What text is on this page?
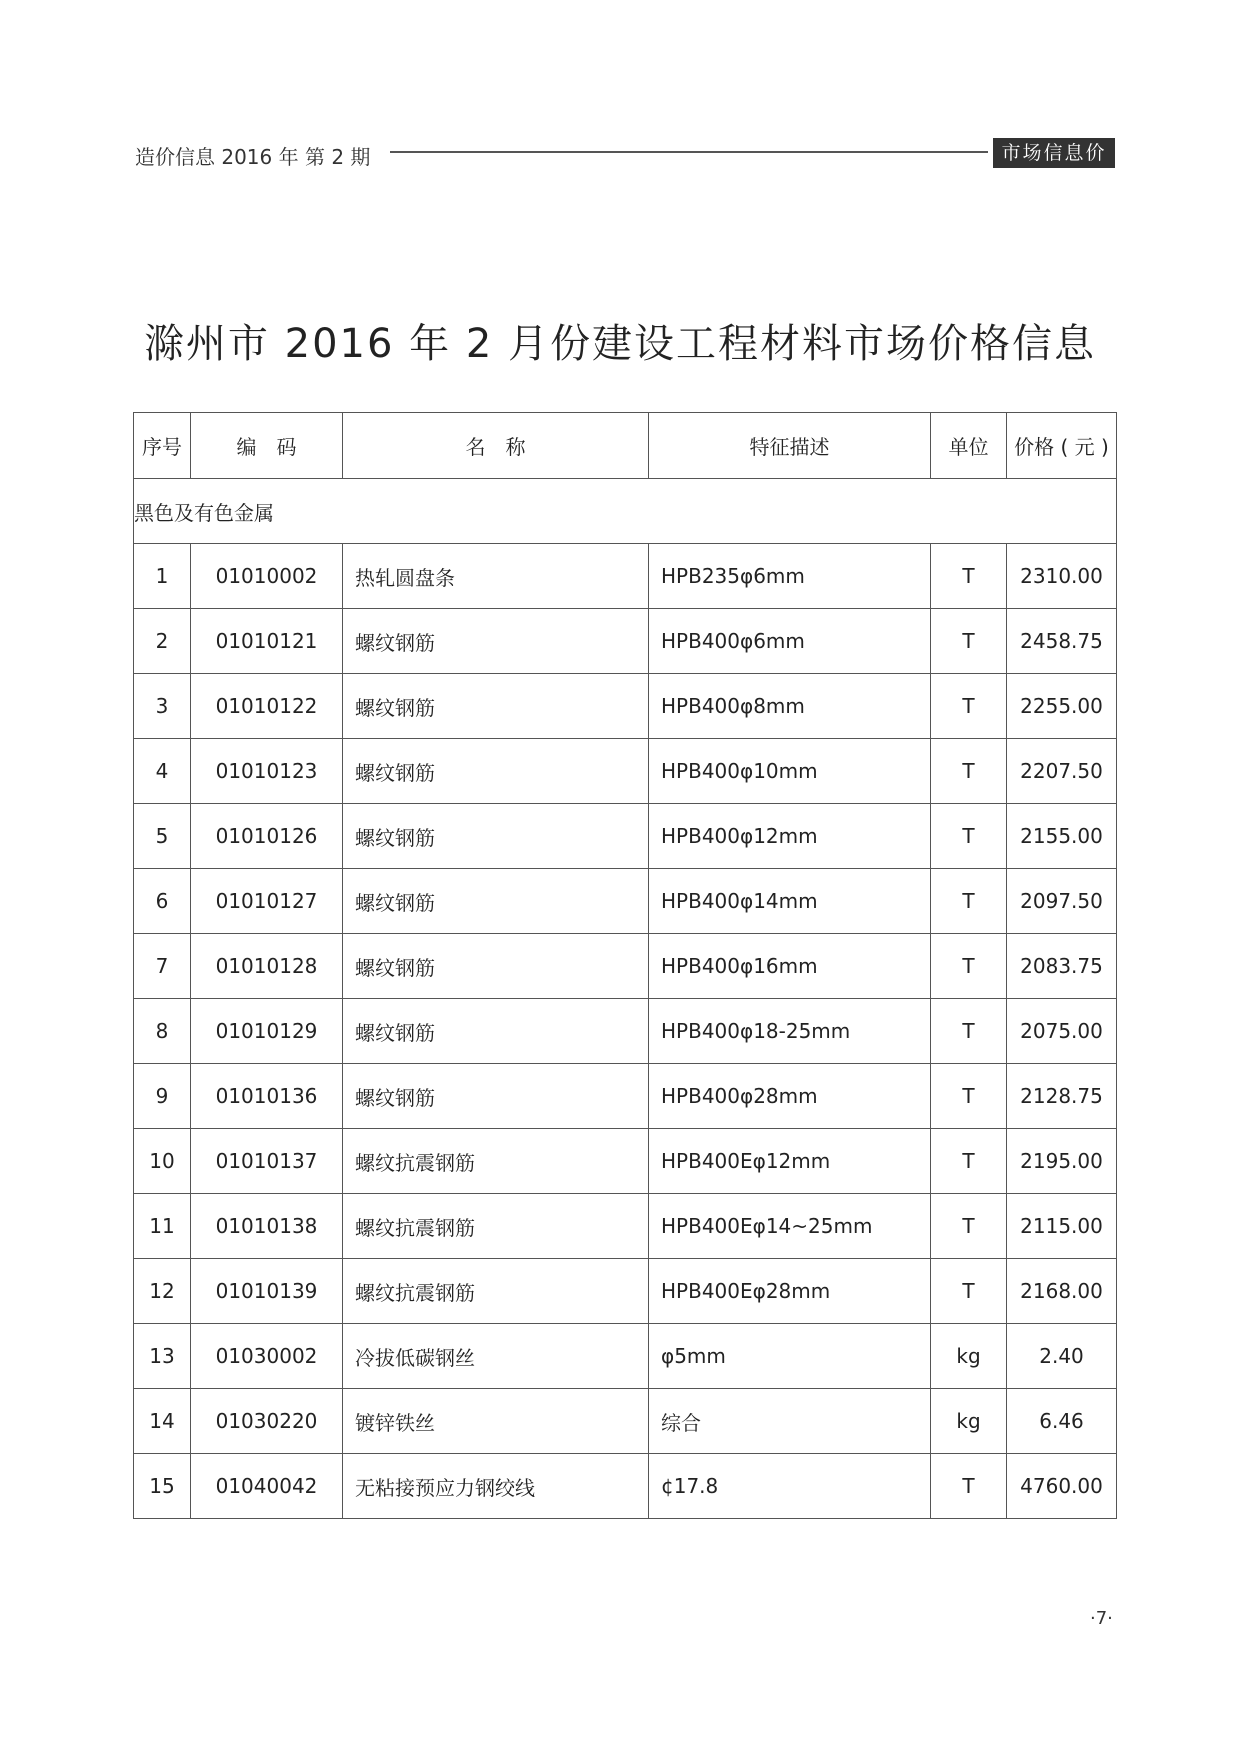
造价信息 2016 年 第 2 期	市场信息价
滁州市 2016 年 2 月份建设工程材料市场价格信息
序号	编　码	名　称	特征描述	单位	价格 ( 元 )
黑色及有色金属					
1	01010002	热轧圆盘条	HPB235φ6mm	T	2310.00
2	01010121	螺纹钢筋	HPB400φ6mm	T	2458.75
3	01010122	螺纹钢筋	HPB400φ8mm	T	2255.00
4	01010123	螺纹钢筋	HPB400φ10mm	T	2207.50
5	01010126	螺纹钢筋	HPB400φ12mm	T	2155.00
6	01010127	螺纹钢筋	HPB400φ14mm	T	2097.50
7	01010128	螺纹钢筋	HPB400φ16mm	T	2083.75
8	01010129	螺纹钢筋	HPB400φ18-25mm	T	2075.00
9	01010136	螺纹钢筋	HPB400φ28mm	T	2128.75
10	01010137	螺纹抗震钢筋	HPB400Eφ12mm	T	2195.00
11	01010138	螺纹抗震钢筋	HPB400Eφ14~25mm	T	2115.00
12	01010139	螺纹抗震钢筋	HPB400Eφ28mm	T	2168.00
13	01030002	冷拔低碳钢丝	φ5mm	kg	2.40
14	01030220	镀锌铁丝	综合	kg	6.46
15	01040042	无粘接预应力钢绞线	¢17.8	T	4760.00
·7·
